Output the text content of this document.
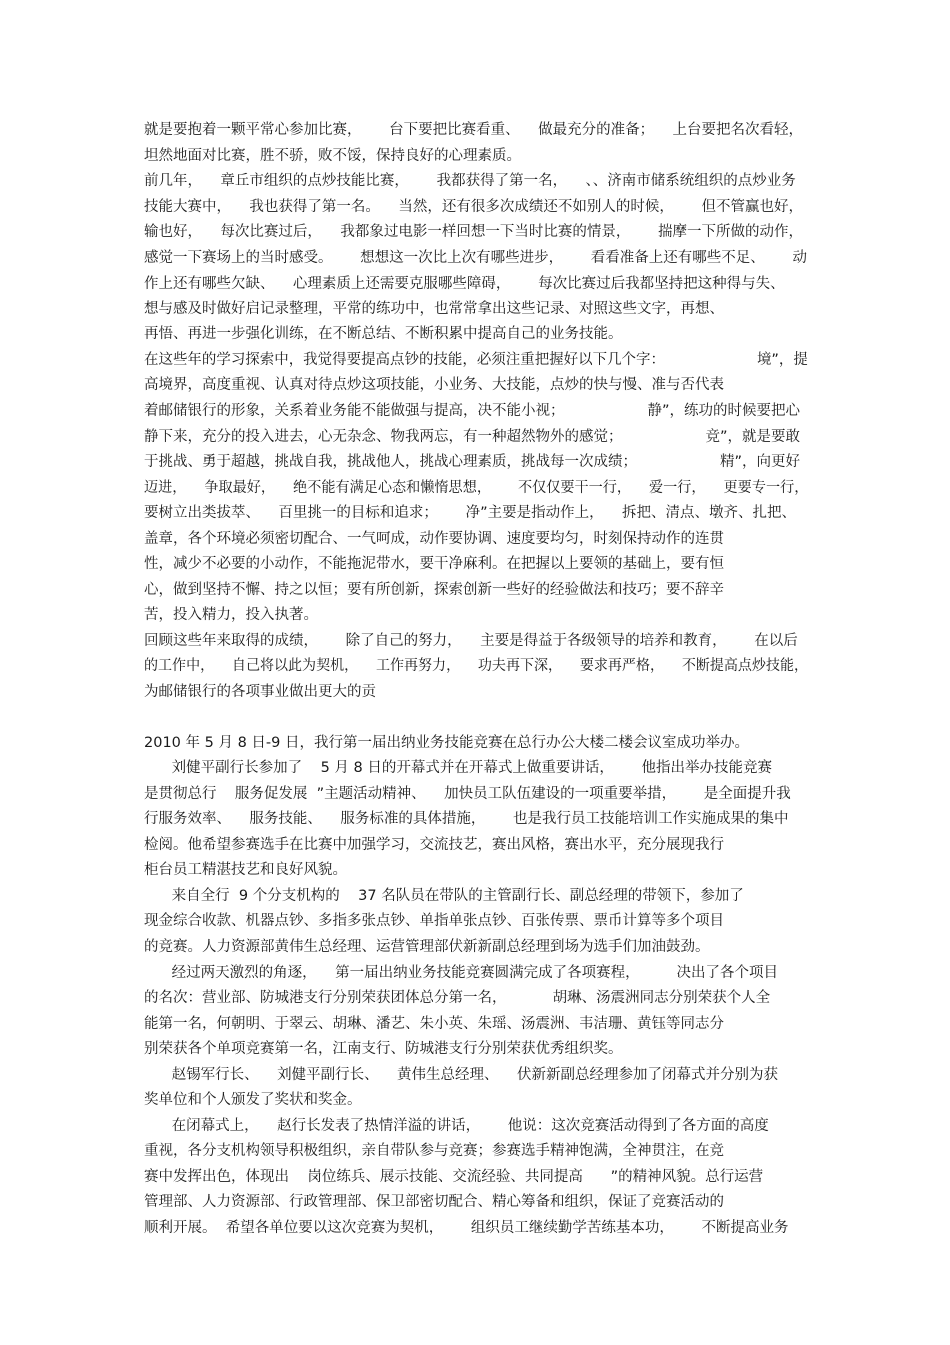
就是要抱着一颗平常心参加比赛，      台下要把比赛看重、    做最充分的准备；    上台要把名次看轻，

坦然地面对比赛，胜不骄，败不馁，保持良好的心理素质。

前几年，    章丘市组织的点炒技能比赛，      我都获得了第一名，    、、济南市储系统组织的点炒业务

技能大赛中，    我也获得了第一名。    当然，还有很多次成绩还不如别人的时候，      但不管赢也好，

输也好，    每次比赛过后，    我都象过电影一样回想一下当时比赛的情景，      揣摩一下所做的动作，

感觉一下赛场上的当时感受。      想想这一次比上次有哪些进步，      看看准备上还有哪些不足、      动

作上还有哪些欠缺、    心理素质上还需要克服哪些障碍，      每次比赛过后我都坚持把这种得与失、

想与感及时做好启记录整理，平常的练功中，也常常拿出这些记录、对照这些文字，再想、

再悟、再进一步强化训练，在不断总结、不断积累中提高自己的业务技能。

在这些年的学习探索中，我觉得要提高点钞的技能，必须注重把握好以下几个字：                    境”，提

高境界，高度重视、认真对待点炒这项技能，小业务、大技能，点炒的快与慢、准与否代表

着邮储银行的形象，关系着业务能不能做强与提高，决不能小视；                  静”，练功的时候要把心

静下来，充分的投入进去，心无杂念、物我两忘，有一种超然物外的感觉；                  竞”，就是要敢

于挑战、勇于超越，挑战自我，挑战他人，挑战心理素质，挑战每一次成绩；                  精”，向更好

迈进，    争取最好，    绝不能有满足心态和懒惰思想，      不仅仅要干一行，    爱一行，    更要专一行，

要树立出类拔萃、    百里挑一的目标和追求；      净”主要是指动作上，    拆把、清点、墩齐、扎把、

盖章，各个环境必须密切配合、一气呵成，动作要协调、速度要均匀，时刻保持动作的连贯

性，减少不必要的小动作，不能拖泥带水，要干净麻利。在把握以上要领的基础上，要有恒

心，做到坚持不懈、持之以恒；要有所创新，探索创新一些好的经验做法和技巧；要不辞辛

苦，投入精力，投入执著。

回顾这些年来取得的成绩，      除了自己的努力，    主要是得益于各级领导的培养和教育，      在以后

的工作中，    自己将以此为契机，    工作再努力，    功夫再下深，    要求再严格，    不断提高点炒技能，

为邮储银行的各项事业做出更大的贡

2010 年 5 月 8 日-9 日，我行第一届出纳业务技能竞赛在总行办公大楼二楼会议室成功举办。

刘健平副行长参加了    5 月 8 日的开幕式并在开幕式上做重要讲话，      他指出举办技能竞赛

是贯彻总行    服务促发展  ”主题活动精神、    加快员工队伍建设的一项重要举措，      是全面提升我

行服务效率、    服务技能、    服务标准的具体措施，      也是我行员工技能培训工作实施成果的集中

检阅。他希望参赛选手在比赛中加强学习，交流技艺，赛出风格，赛出水平，充分展现我行

柜台员工精湛技艺和良好风貌。

来自全行  9 个分支机构的    37 名队员在带队的主管副行长、副总经理的带领下，参加了

现金综合收款、机器点钞、多指多张点钞、单指单张点钞、百张传票、票币计算等多个项目

的竞赛。人力资源部黄伟生总经理、运营管理部伏新新副总经理到场为选手们加油鼓劲。

经过两天激烈的角逐，    第一届出纳业务技能竞赛圆满完成了各项赛程，        决出了各个项目

的名次：营业部、防城港支行分别荣获团体总分第一名，          胡琳、汤震洲同志分别荣获个人全

能第一名，何朝明、于翠云、胡琳、潘艺、朱小英、朱瑶、汤震洲、韦洁珊、黄钰等同志分

别荣获各个单项竞赛第一名，江南支行、防城港支行分别荣获优秀组织奖。

赵锡军行长、    刘健平副行长、    黄伟生总经理、    伏新新副总经理参加了闭幕式并分别为获

奖单位和个人颁发了奖状和奖金。

在闭幕式上，    赵行长发表了热情洋溢的讲话，      他说：这次竞赛活动得到了各方面的高度

重视，各分支机构领导积极组织，亲自带队参与竞赛；参赛选手精神饱满，全神贯注，在竞

赛中发挥出色，体现出    岗位练兵、展示技能、交流经验、共同提高      ”的精神风貌。总行运营

管理部、人力资源部、行政管理部、保卫部密切配合、精心筹备和组织，保证了竞赛活动的

顺利开展。  希望各单位要以这次竞赛为契机，      组织员工继续勤学苦练基本功，      不断提高业务
